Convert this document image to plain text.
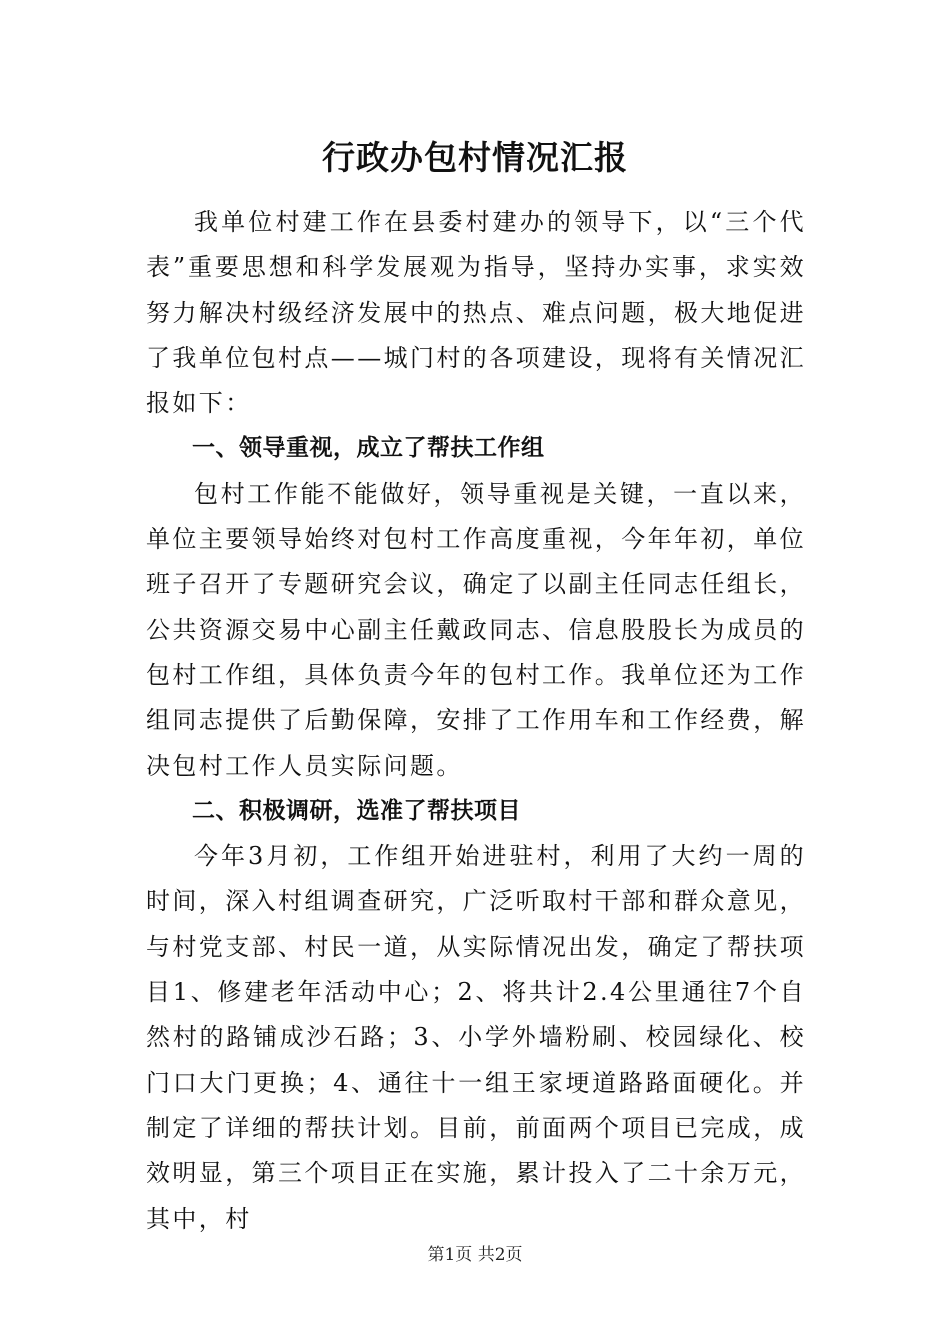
行政办包村情况汇报

我单位村建工作在县委村建办的领导下，以“三个代表”重要思想和科学发展观为指导，坚持办实事，求实效努力解决村级经济发展中的热点、难点问题，极大地促进了我单位包村点——城门村的各项建设，现将有关情况汇报如下：

一、领导重视，成立了帮扶工作组

包村工作能不能做好，领导重视是关键，一直以来，单位主要领导始终对包村工作高度重视，今年年初，单位班子召开了专题研究会议，确定了以副主任同志任组长，公共资源交易中心副主任戴政同志、信息股股长为成员的包村工作组，具体负责今年的包村工作。我单位还为工作组同志提供了后勤保障，安排了工作用车和工作经费，解决包村工作人员实际问题。

二、积极调研，选准了帮扶项目

今年3月初，工作组开始进驻村，利用了大约一周的时间，深入村组调查研究，广泛听取村干部和群众意见，与村党支部、村民一道，从实际情况出发，确定了帮扶项目1、修建老年活动中心；2、将共计2.4公里通往7个自然村的路铺成沙石路；3、小学外墙粉刷、校园绿化、校门口大门更换；4、通往十一组王家埂道路路面硬化。并制定了详细的帮扶计划。目前，前面两个项目已完成，成效明显，第三个项目正在实施，累计投入了二十余万元，其中，村

第1页 共2页
